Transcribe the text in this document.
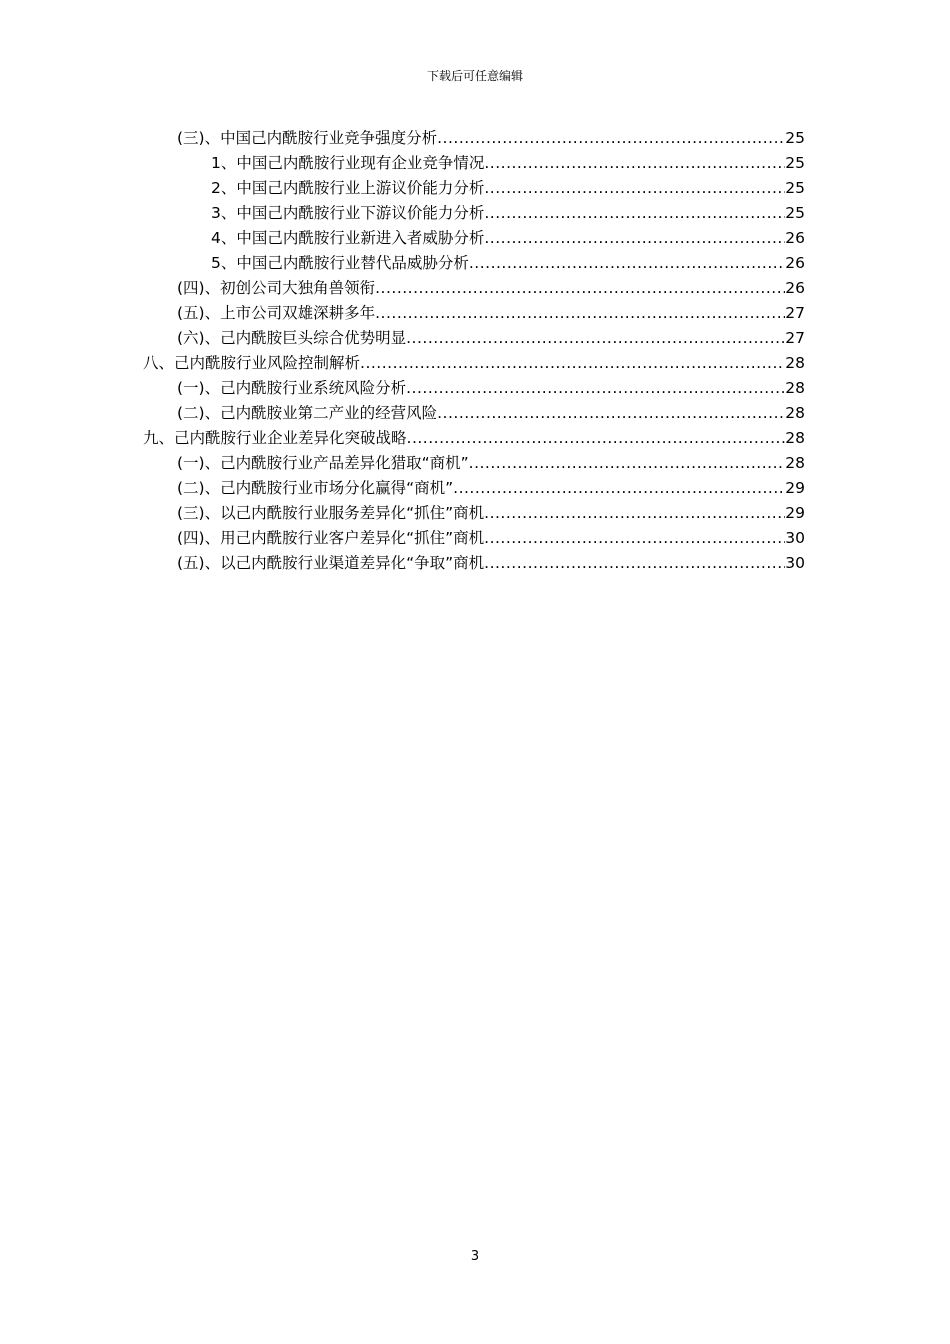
下载后可任意编辑
(三)、中国己内酰胺行业竞争强度分析 .....	25
1、中国己内酰胺行业现有企业竞争情况 .....	25
2、中国己内酰胺行业上游议价能力分析 .....	25
3、中国己内酰胺行业下游议价能力分析 .....	25
4、中国己内酰胺行业新进入者威胁分析 .....	26
5、中国己内酰胺行业替代品威胁分析 .....	26
(四)、初创公司大独角兽领衔 .....	26
(五)、上市公司双雄深耕多年 .....	27
(六)、己内酰胺巨头综合优势明显 .....	27
八、己内酰胺行业风险控制解析 .....	28
(一)、己内酰胺行业系统风险分析 .....	28
(二)、己内酰胺业第二产业的经营风险 .....	28
九、己内酰胺行业企业差异化突破战略 .....	28
(一)、己内酰胺行业产品差异化猎取“商机” .....	28
(二)、己内酰胺行业市场分化赢得“商机” .....	29
(三)、以己内酰胺行业服务差异化“抓住”商机 .....	29
(四)、用己内酰胺行业客户差异化“抓住”商机 .....	30
(五)、以己内酰胺行业渠道差异化“争取”商机 .....	30
3
